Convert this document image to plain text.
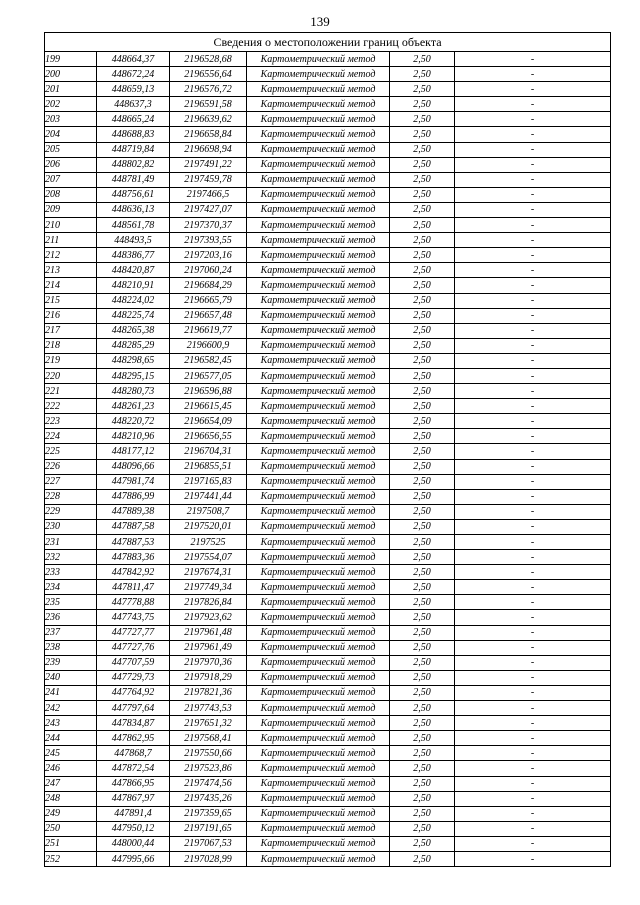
139
Сведения о местоположении границ объекта					
199	448664,37	2196528,68	Картометрический метод	2,50	-
200	448672,24	2196556,64	Картометрический метод	2,50	-
201	448659,13	2196576,72	Картометрический метод	2,50	-
202	448637,3	2196591,58	Картометрический метод	2,50	-
203	448665,24	2196639,62	Картометрический метод	2,50	-
204	448688,83	2196658,84	Картометрический метод	2,50	-
205	448719,84	2196698,94	Картометрический метод	2,50	-
206	448802,82	2197491,22	Картометрический метод	2,50	-
207	448781,49	2197459,78	Картометрический метод	2,50	-
208	448756,61	2197466,5	Картометрический метод	2,50	-
209	448636,13	2197427,07	Картометрический метод	2,50	-
210	448561,78	2197370,37	Картометрический метод	2,50	-
211	448493,5	2197393,55	Картометрический метод	2,50	-
212	448386,77	2197203,16	Картометрический метод	2,50	-
213	448420,87	2197060,24	Картометрический метод	2,50	-
214	448210,91	2196684,29	Картометрический метод	2,50	-
215	448224,02	2196665,79	Картометрический метод	2,50	-
216	448225,74	2196657,48	Картометрический метод	2,50	-
217	448265,38	2196619,77	Картометрический метод	2,50	-
218	448285,29	2196600,9	Картометрический метод	2,50	-
219	448298,65	2196582,45	Картометрический метод	2,50	-
220	448295,15	2196577,05	Картометрический метод	2,50	-
221	448280,73	2196596,88	Картометрический метод	2,50	-
222	448261,23	2196615,45	Картометрический метод	2,50	-
223	448220,72	2196654,09	Картометрический метод	2,50	-
224	448210,96	2196656,55	Картометрический метод	2,50	-
225	448177,12	2196704,31	Картометрический метод	2,50	-
226	448096,66	2196855,51	Картометрический метод	2,50	-
227	447981,74	2197165,83	Картометрический метод	2,50	-
228	447886,99	2197441,44	Картометрический метод	2,50	-
229	447889,38	2197508,7	Картометрический метод	2,50	-
230	447887,58	2197520,01	Картометрический метод	2,50	-
231	447887,53	2197525	Картометрический метод	2,50	-
232	447883,36	2197554,07	Картометрический метод	2,50	-
233	447842,92	2197674,31	Картометрический метод	2,50	-
234	447811,47	2197749,34	Картометрический метод	2,50	-
235	447778,88	2197826,84	Картометрический метод	2,50	-
236	447743,75	2197923,62	Картометрический метод	2,50	-
237	447727,77	2197961,48	Картометрический метод	2,50	-
238	447727,76	2197961,49	Картометрический метод	2,50	-
239	447707,59	2197970,36	Картометрический метод	2,50	-
240	447729,73	2197918,29	Картометрический метод	2,50	-
241	447764,92	2197821,36	Картометрический метод	2,50	-
242	447797,64	2197743,53	Картометрический метод	2,50	-
243	447834,87	2197651,32	Картометрический метод	2,50	-
244	447862,95	2197568,41	Картометрический метод	2,50	-
245	447868,7	2197550,66	Картометрический метод	2,50	-
246	447872,54	2197523,86	Картометрический метод	2,50	-
247	447866,95	2197474,56	Картометрический метод	2,50	-
248	447867,97	2197435,26	Картометрический метод	2,50	-
249	447891,4	2197359,65	Картометрический метод	2,50	-
250	447950,12	2197191,65	Картометрический метод	2,50	-
251	448000,44	2197067,53	Картометрический метод	2,50	-
252	447995,66	2197028,99	Картометрический метод	2,50	-
